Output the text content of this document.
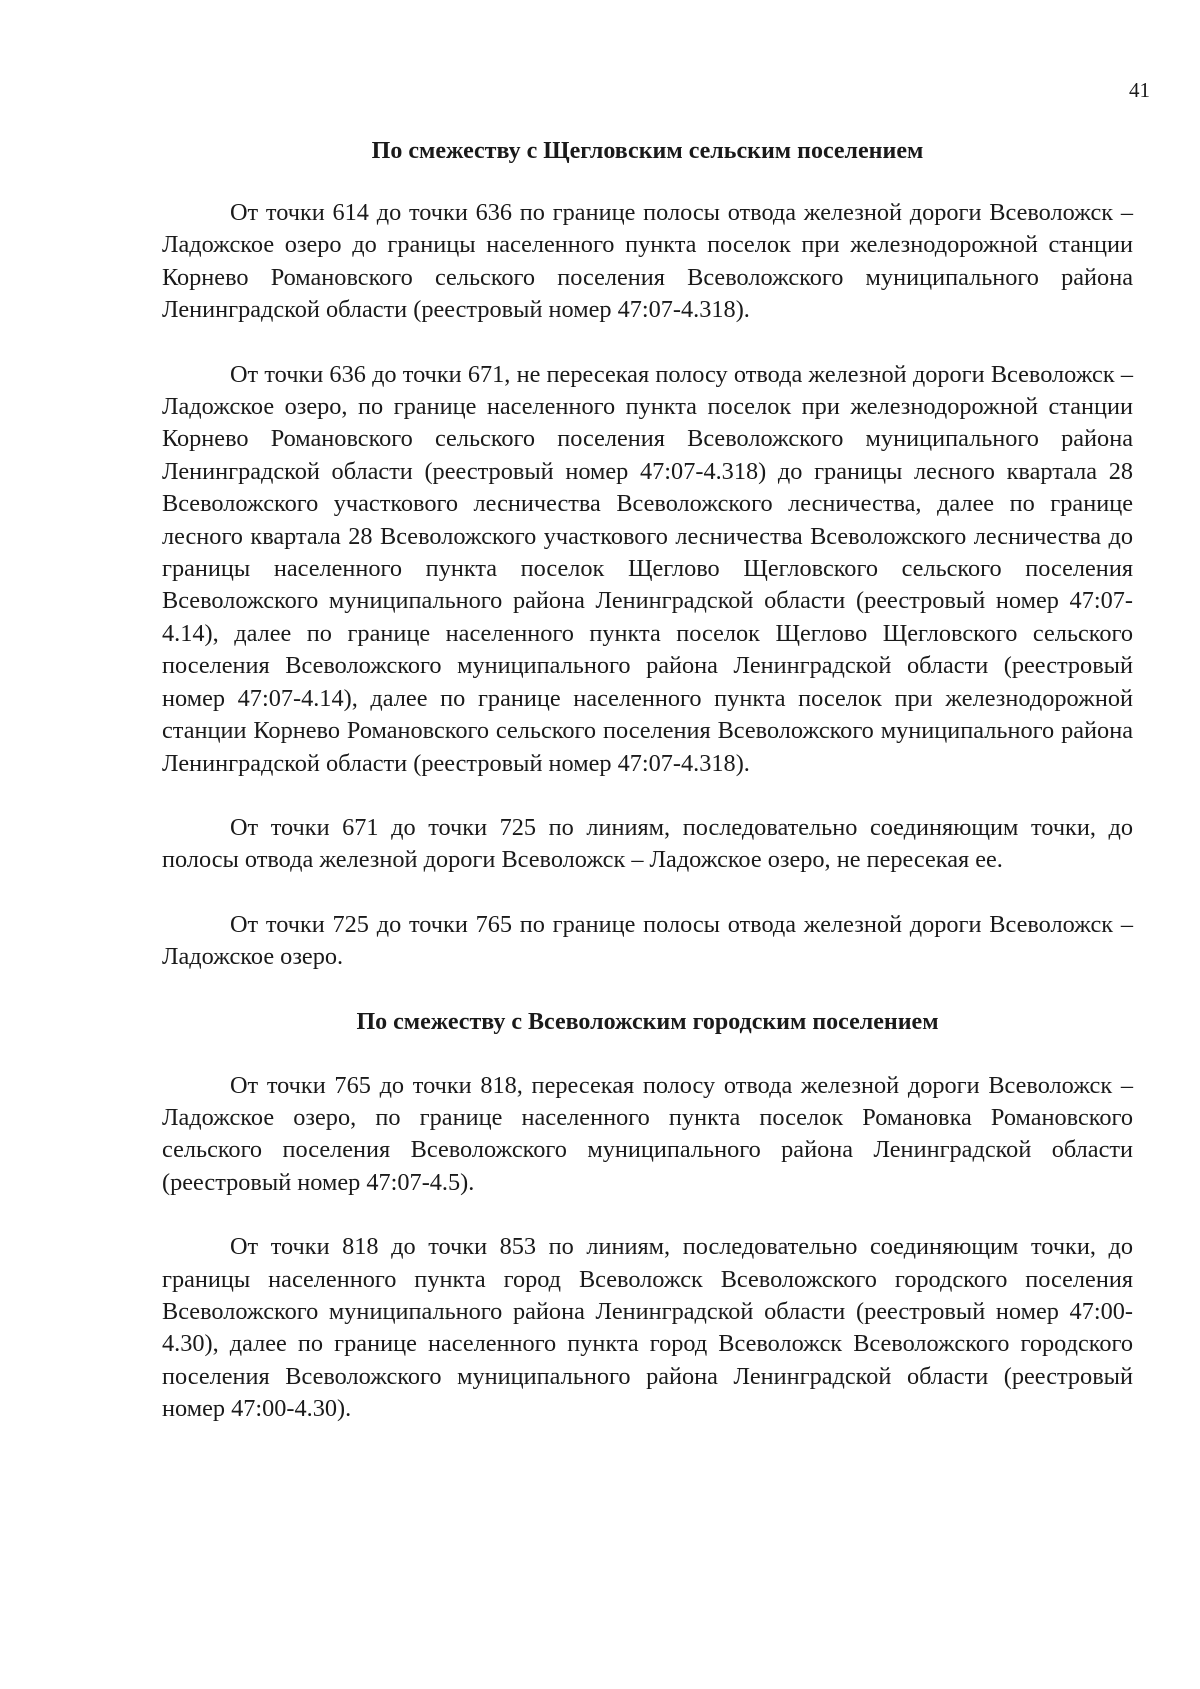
41
По смежеству с Щегловским сельским поселением

От точки 614 до точки 636 по границе полосы отвода железной дороги Всеволожск – Ладожское озеро до границы населенного пункта поселок при железнодорожной станции Корнево Романовского сельского поселения Всеволожского муниципального района Ленинградской области (реестровый номер 47:07-4.318).

От точки 636 до точки 671, не пересекая полосу отвода железной дороги Всеволожск – Ладожское озеро, по границе населенного пункта поселок при железнодорожной станции Корнево Романовского сельского поселения Всеволожского муниципального района Ленинградской области (реестровый номер 47:07-4.318) до границы лесного квартала 28 Всеволожского участкового лесничества Всеволожского лесничества, далее по границе лесного квартала 28 Всеволожского участкового лесничества Всеволожского лесничества до границы населенного пункта поселок Щеглово Щегловского сельского поселения Всеволожского муниципального района Ленинградской области (реестровый номер 47:07-4.14), далее по границе населенного пункта поселок Щеглово Щегловского сельского поселения Всеволожского муниципального района Ленинградской области (реестровый номер 47:07-4.14), далее по границе населенного пункта поселок при железнодорожной станции Корнево Романовского сельского поселения Всеволожского муниципального района Ленинградской области (реестровый номер 47:07-4.318).

От точки 671 до точки 725 по линиям, последовательно соединяющим точки, до полосы отвода железной дороги Всеволожск – Ладожское озеро, не пересекая ее.

От точки 725 до точки 765 по границе полосы отвода железной дороги Всеволожск – Ладожское озеро.

По смежеству с Всеволожским городским поселением

От точки 765 до точки 818, пересекая полосу отвода железной дороги Всеволожск – Ладожское озеро, по границе населенного пункта поселок Романовка Романовского сельского поселения Всеволожского муниципального района Ленинградской области (реестровый номер 47:07-4.5).

От точки 818 до точки 853 по линиям, последовательно соединяющим точки, до границы населенного пункта город Всеволожск Всеволожского городского поселения Всеволожского муниципального района Ленинградской области (реестровый номер 47:00-4.30), далее по границе населенного пункта город Всеволожск Всеволожского городского поселения Всеволожского муниципального района Ленинградской области (реестровый номер 47:00-4.30).
